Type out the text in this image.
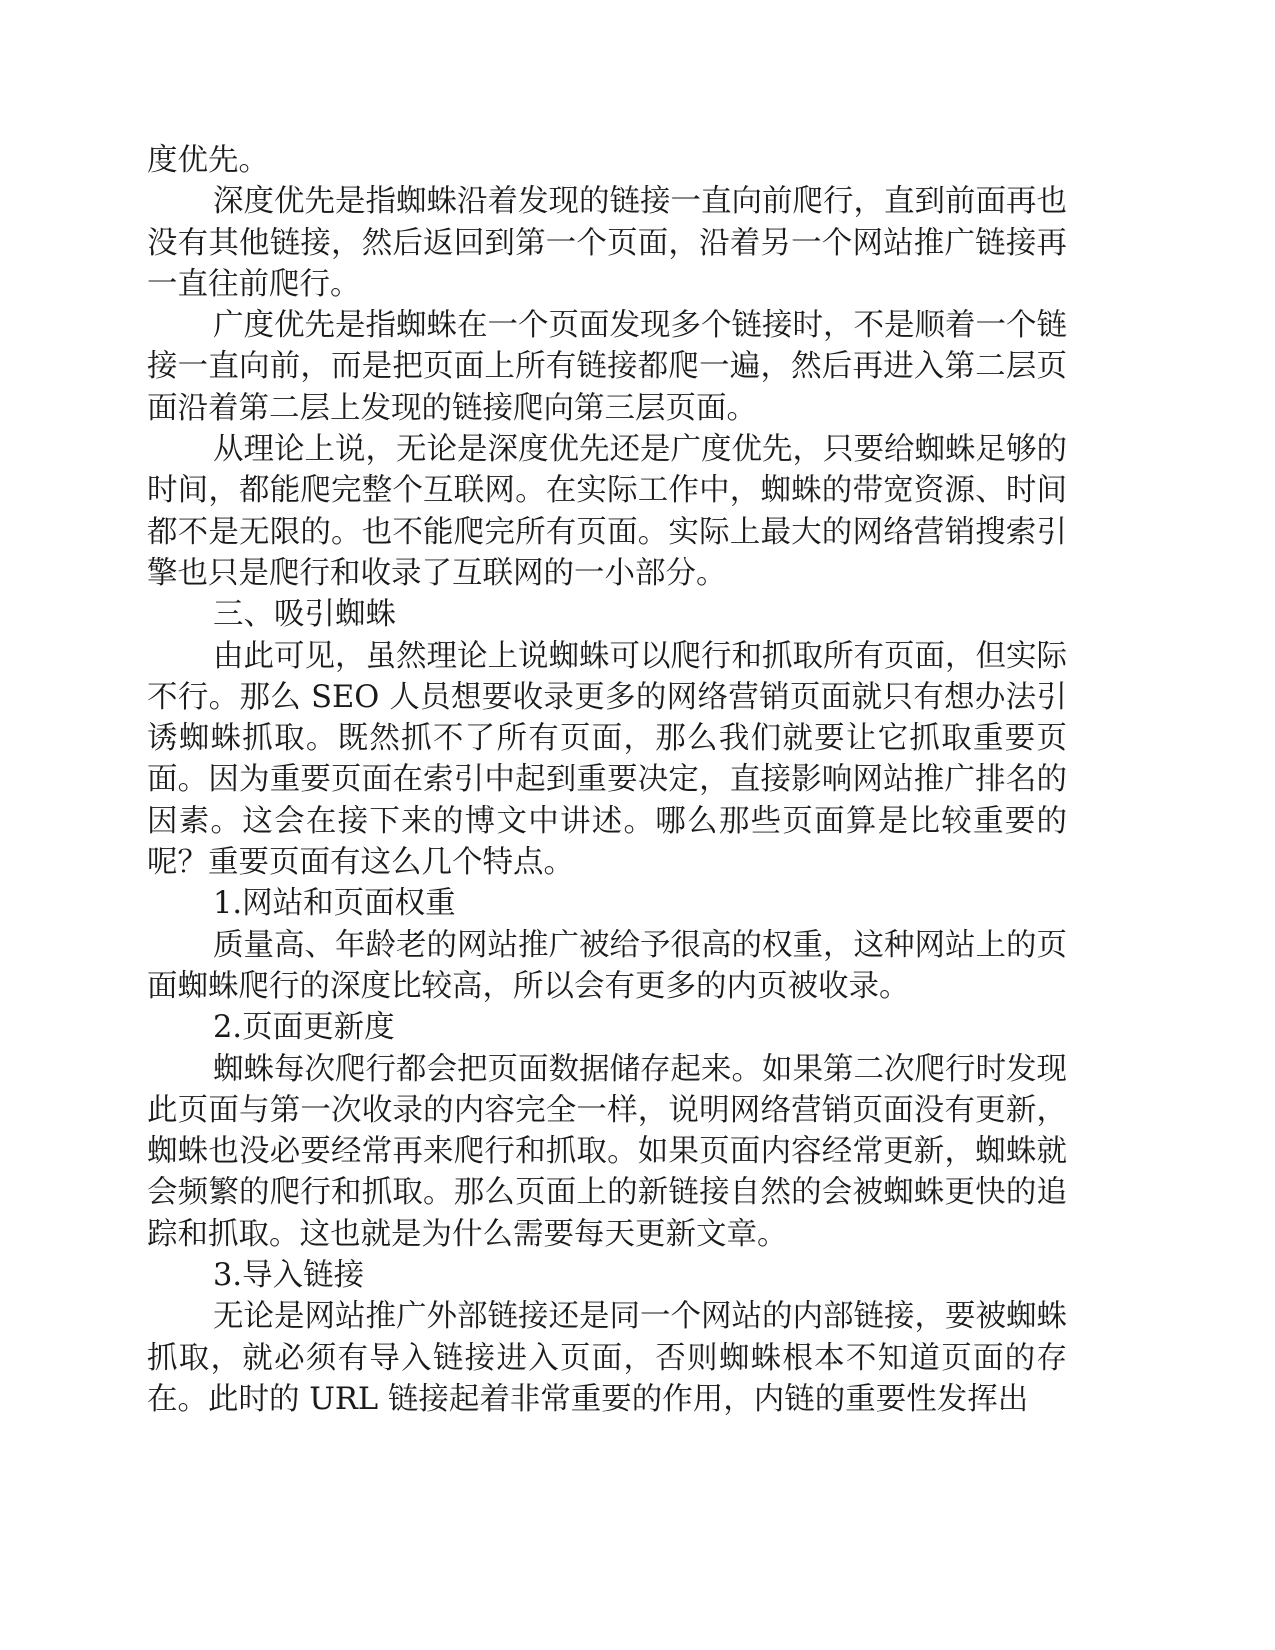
度优先。

深度优先是指蜘蛛沿着发现的链接一直向前爬行，直到前面再也没有其他链接，然后返回到第一个页面，沿着另一个网站推广链接再一直往前爬行。

广度优先是指蜘蛛在一个页面发现多个链接时，不是顺着一个链接一直向前，而是把页面上所有链接都爬一遍，然后再进入第二层页面沿着第二层上发现的链接爬向第三层页面。

从理论上说，无论是深度优先还是广度优先，只要给蜘蛛足够的时间，都能爬完整个互联网。在实际工作中，蜘蛛的带宽资源、时间都不是无限的。也不能爬完所有页面。实际上最大的网络营销搜索引擎也只是爬行和收录了互联网的一小部分。

三、吸引蜘蛛

由此可见，虽然理论上说蜘蛛可以爬行和抓取所有页面，但实际不行。那么 SEO 人员想要收录更多的网络营销页面就只有想办法引诱蜘蛛抓取。既然抓不了所有页面，那么我们就要让它抓取重要页面。因为重要页面在索引中起到重要决定，直接影响网站推广排名的因素。这会在接下来的博文中讲述。哪么那些页面算是比较重要的呢？重要页面有这么几个特点。

1.网站和页面权重

质量高、年龄老的网站推广被给予很高的权重，这种网站上的页面蜘蛛爬行的深度比较高，所以会有更多的内页被收录。

2.页面更新度

蜘蛛每次爬行都会把页面数据储存起来。如果第二次爬行时发现此页面与第一次收录的内容完全一样，说明网络营销页面没有更新，蜘蛛也没必要经常再来爬行和抓取。如果页面内容经常更新，蜘蛛就会频繁的爬行和抓取。那么页面上的新链接自然的会被蜘蛛更快的追踪和抓取。这也就是为什么需要每天更新文章。

3.导入链接

无论是网站推广外部链接还是同一个网站的内部链接，要被蜘蛛抓取，就必须有导入链接进入页面，否则蜘蛛根本不知道页面的存在。此时的 URL 链接起着非常重要的作用，内链的重要性发挥出
